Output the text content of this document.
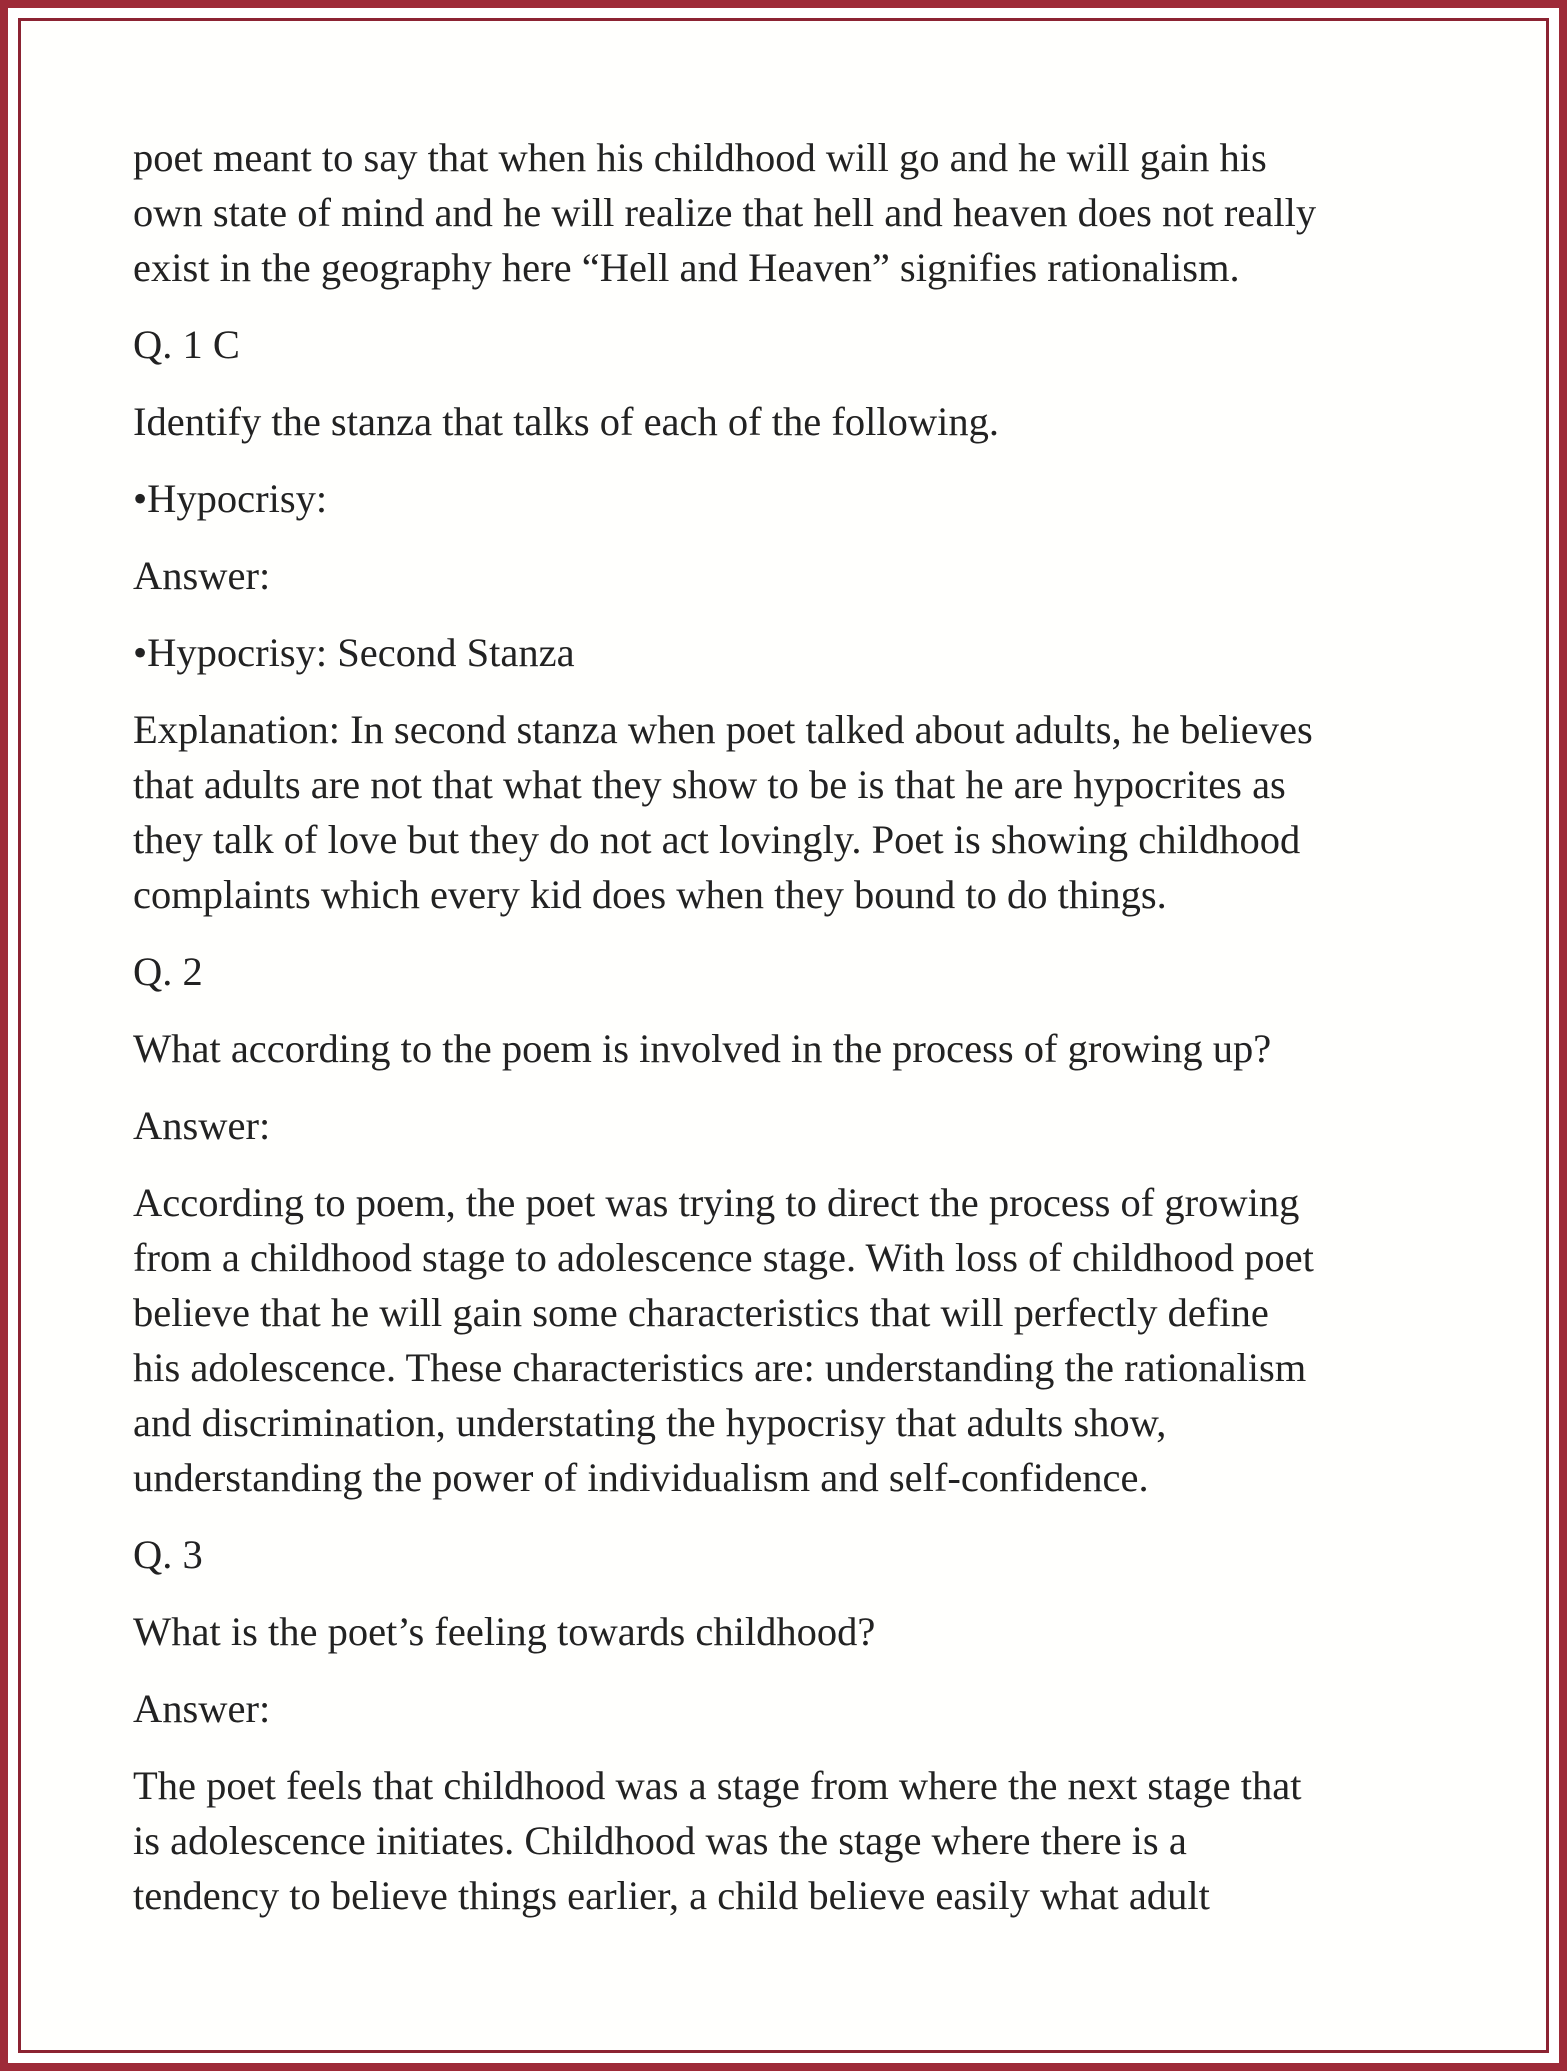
poet meant to say that when his childhood will go and he will gain his
own state of mind and he will realize that hell and heaven does not really
exist in the geography here “Hell and Heaven” signifies rationalism.
Q. 1 C
Identify the stanza that talks of each of the following.
•Hypocrisy:
Answer:
•Hypocrisy: Second Stanza
Explanation: In second stanza when poet talked about adults, he believes
that adults are not that what they show to be is that he are hypocrites as
they talk of love but they do not act lovingly. Poet is showing childhood
complaints which every kid does when they bound to do things.
Q. 2
What according to the poem is involved in the process of growing up?
Answer:
According to poem, the poet was trying to direct the process of growing
from a childhood stage to adolescence stage. With loss of childhood poet
believe that he will gain some characteristics that will perfectly define
his adolescence. These characteristics are: understanding the rationalism
and discrimination, understating the hypocrisy that adults show,
understanding the power of individualism and self-confidence.
Q. 3
What is the poet’s feeling towards childhood?
Answer:
The poet feels that childhood was a stage from where the next stage that
is adolescence initiates. Childhood was the stage where there is a
tendency to believe things earlier, a child believe easily what adult
